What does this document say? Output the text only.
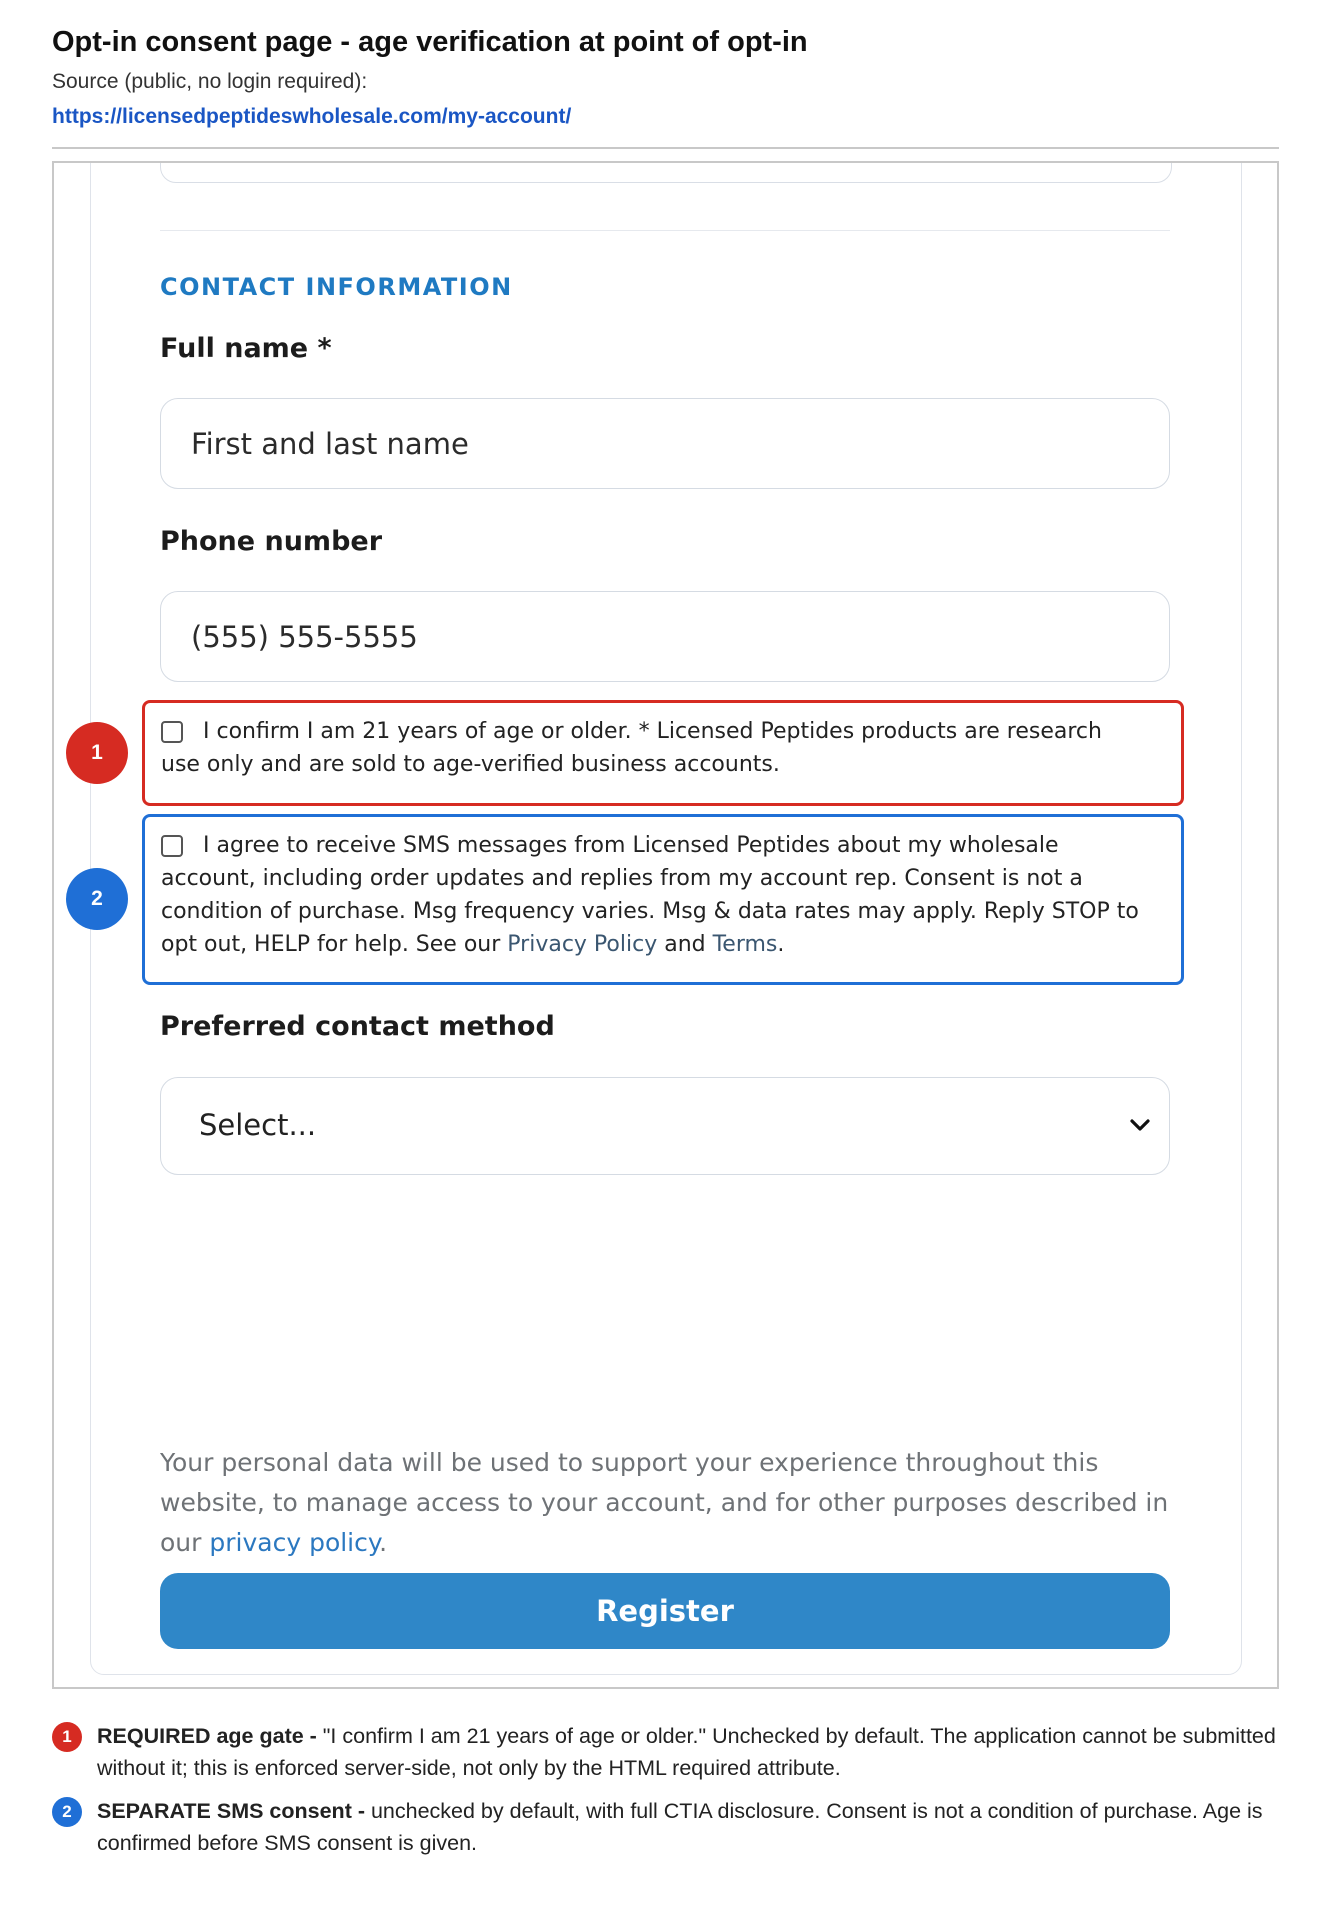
Opt-in consent page - age verification at point of opt-in
Source (public, no login required):
https://licensedpeptideswholesale.com/my-account/
CONTACT INFORMATION
Full name *
First and last name
Phone number
(555) 555-5555
1
I confirm I am 21 years of age or older. * Licensed Peptides products are research use only and are sold to age-verified business accounts.
2
I agree to receive SMS messages from Licensed Peptides about my wholesale account, including order updates and replies from my account rep. Consent is not a condition of purchase. Msg frequency varies. Msg & data rates may apply. Reply STOP to opt out, HELP for help. See our Privacy Policy and Terms.
Preferred contact method
Select...
Your personal data will be used to support your experience throughout this website, to manage access to your account, and for other purposes described in our privacy policy.
Register
1	REQUIRED age gate - "I confirm I am 21 years of age or older." Unchecked by default. The application cannot be submitted without it; this is enforced server-side, not only by the HTML required attribute.
2	SEPARATE SMS consent - unchecked by default, with full CTIA disclosure. Consent is not a condition of purchase. Age is confirmed before SMS consent is given.
